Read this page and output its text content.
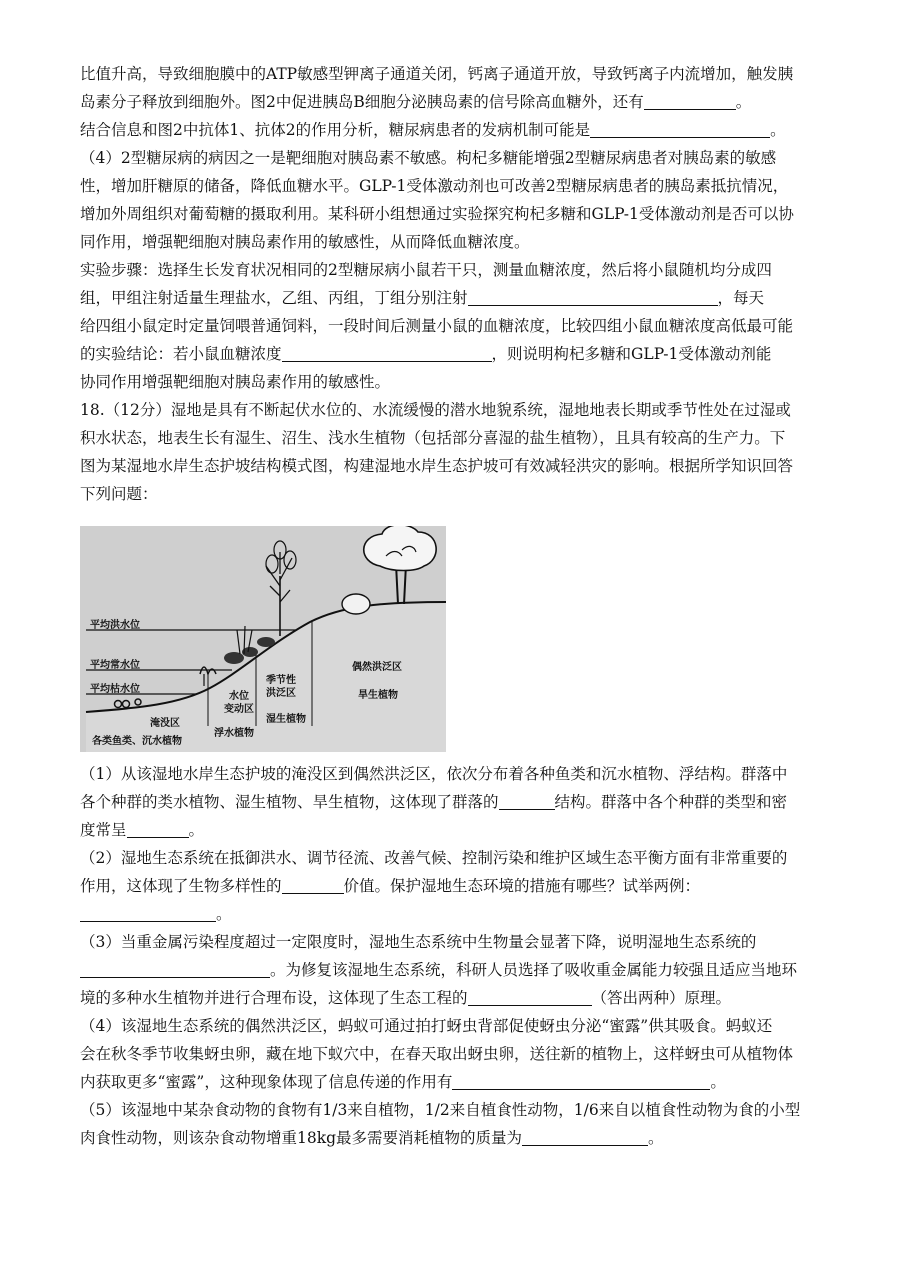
比值升高，导致细胞膜中的ATP敏感型钾离子通道关闭，钙离子通道开放，导致钙离子内流增加，触发胰
岛素分子释放到细胞外。图2中促进胰岛B细胞分泌胰岛素的信号除高血糖外，还有	。
结合信息和图2中抗体1、抗体2的作用分析，糖尿病患者的发病机制可能是	。
（4）2型糖尿病的病因之一是靶细胞对胰岛素不敏感。枸杞多糖能增强2型糖尿病患者对胰岛素的敏感
性，增加肝糖原的储备，降低血糖水平。GLP-1受体激动剂也可改善2型糖尿病患者的胰岛素抵抗情况，
增加外周组织对葡萄糖的摄取利用。某科研小组想通过实验探究枸杞多糖和GLP-1受体激动剂是否可以协
同作用，增强靶细胞对胰岛素作用的敏感性，从而降低血糖浓度。
实验步骤：选择生长发育状况相同的2型糖尿病小鼠若干只，测量血糖浓度，然后将小鼠随机均分成四
组，甲组注射适量生理盐水，乙组、丙组，丁组分别注射	，每天
给四组小鼠定时定量饲喂普通饲料，一段时间后测量小鼠的血糖浓度，比较四组小鼠血糖浓度高低最可能
的实验结论：若小鼠血糖浓度	，则说明枸杞多糖和GLP-1受体激动剂能
协同作用增强靶细胞对胰岛素作用的敏感性。
18.（12分）湿地是具有不断起伏水位的、水流缓慢的潜水地貌系统，湿地地表长期或季节性处在过湿或
积水状态，地表生长有湿生、沼生、浅水生植物（包括部分喜湿的盐生植物），且具有较高的生产力。下
图为某湿地水岸生态护坡结构模式图，构建湿地水岸生态护坡可有效减轻洪灾的影响。根据所学知识回答
下列问题：
（1）从该湿地水岸生态护坡的淹没区到偶然洪泛区，依次分布着各种鱼类和沉水植物、浮结构。群落中
各个种群的类水植物、湿生植物、旱生植物，这体现了群落的	结构。群落中各个种群的类型和密
度常呈	。
（2）湿地生态系统在抵御洪水、调节径流、改善气候、控制污染和维护区域生态平衡方面有非常重要的
作用，这体现了生物多样性的	价值。保护湿地生态环境的措施有哪些？试举两例：
。
（3）当重金属污染程度超过一定限度时，湿地生态系统中生物量会显著下降，说明湿地生态系统的
。为修复该湿地生态系统，科研人员选择了吸收重金属能力较强且适应当地环
境的多种水生植物并进行合理布设，这体现了生态工程的	（答出两种）原理。
（4）该湿地生态系统的偶然洪泛区，蚂蚁可通过拍打蚜虫背部促使蚜虫分泌“蜜露”供其吸食。蚂蚁还
会在秋冬季节收集蚜虫卵，藏在地下蚁穴中，在春天取出蚜虫卵，送往新的植物上，这样蚜虫可从植物体
内获取更多“蜜露”，这种现象体现了信息传递的作用有	。
（5）该湿地中某杂食动物的食物有1/3来自植物，1/2来自植食性动物，1/6来自以植食性动物为食的小型
肉食性动物，则该杂食动物增重18kg最多需要消耗植物的质量为	。
平均洪水位
平均常水位
平均枯水位
淹没区
各类鱼类、沉水植物
水位
变动区
浮水植物
季节性
洪泛区
湿生植物
偶然洪泛区
旱生植物
